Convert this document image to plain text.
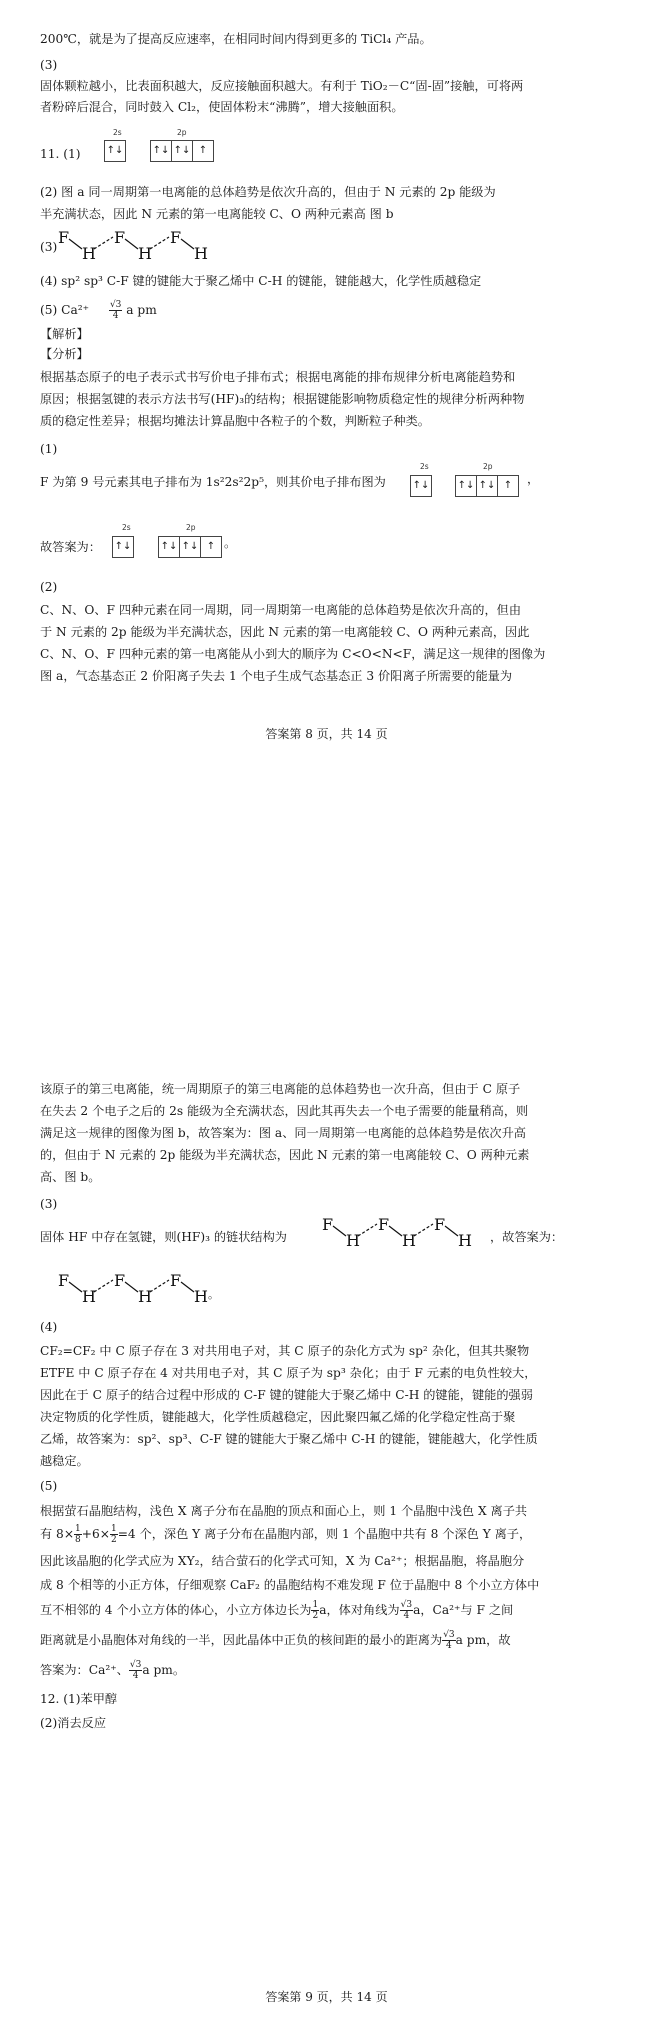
200℃，就是为了提高反应速率，在相同时间内得到更多的 TiCl₄ 产品。
(3)
固体颗粒越小，比表面积越大，反应接触面积越大。有利于 TiO₂－C“固-固”接触，可将两
者粉碎后混合，同时鼓入 Cl₂，使固体粉末“沸腾”，增大接触面积。
11. (1)
2s
↑↓
2p
↑↓ ↑↓ ↑
(2) 图 a 同一周期第一电离能的总体趋势是依次升高的，但由于 N 元素的 2p 能级为
半充满状态，因此 N 元素的第一电离能较 C、O 两种元素高 图 b
(3) F
H
F
H
F
H
(4) sp² sp³ C-F 键的键能大于聚乙烯中 C-H 的键能，键能越大，化学性质越稳定
(5) $Ca^{2+} \frac{√3}{4}$ a pm
【解析】
【分析】
根据基态原子的电子表示式书写价电子排布式；根据电离能的排布规律分析电离能趋势和
原因；根据氢键的表示方法书写(HF)₃的结构；根据键能影响物质稳定性的规律分析两种物
质的稳定性差异；根据均摊法计算晶胞中各粒子的个数，判断粒子种类。
(1)
F 为第 9 号元素其电子排布为 1s²2s²2p⁵，则其价电子排布图为
2s
↑↓
2p
↑↓ ↑↓ ↑	，
故答案为：
2s
↑↓
2p
↑↓ ↑↓ ↑ 。
(2)
C、N、O、F 四种元素在同一周期，同一周期第一电离能的总体趋势是依次升高的，但由
于 N 元素的 2p 能级为半充满状态，因此 N 元素的第一电离能较 C、O 两种元素高，因此
C、N、O、F 四种元素的第一电离能从小到大的顺序为 C<O<N<F，满足这一规律的图像为
图 a，气态基态正 2 价阳离子失去 1 个电子生成气态基态正 3 价阳离子所需要的能量为
答案第 8 页，共 14 页
该原子的第三电离能，统一周期原子的第三电离能的总体趋势也一次升高，但由于 C 原子
在失去 2 个电子之后的 2s 能级为全充满状态，因此其再失去一个电子需要的能量稍高，则
满足这一规律的图像为图 b，故答案为：图 a、同一周期第一电离能的总体趋势是依次升高
的，但由于 N 元素的 2p 能级为半充满状态，因此 N 元素的第一电离能较 C、O 两种元素
高、图 b。
(3)
固体 HF 中存在氢键，则(HF)₃ 的链状结构为
F
H
F
H
F
H ，故答案为：
F
H
F
H
F
H 。
(4)
CF₂=CF₂ 中 C 原子存在 3 对共用电子对，其 C 原子的杂化方式为 sp² 杂化，但其共聚物
ETFE 中 C 原子存在 4 对共用电子对，其 C 原子为 sp³ 杂化；由于 F 元素的电负性较大，
因此在于 C 原子的结合过程中形成的 C-F 键的键能大于聚乙烯中 C-H 的键能，键能的强弱
决定物质的化学性质，键能越大，化学性质越稳定，因此聚四氟乙烯的化学稳定性高于聚
乙烯，故答案为：sp²、sp³、C-F 键的键能大于聚乙烯中 C-H 的键能，键能越大，化学性质
越稳定。
(5)
根据萤石晶胞结构，浅色 X 离子分布在晶胞的顶点和面心上，则 1 个晶胞中浅色 X 离子共
有 $8\times \frac{1}{8} +6\times \frac{1}{2} =4$ 个，深色 Y 离子分布在晶胞内部，则 1 个晶胞中共有 8 个深色 Y 离子，
因此该晶胞的化学式应为 XY₂，结合萤石的化学式可知，X 为 Ca²⁺；根据晶胞，将晶胞分
成 8 个相等的小正方体，仔细观察 CaF₂ 的晶胞结构不难发现 F 位于晶胞中 8 个小立方体中
互不相邻的 4 个小立方体的体心，小立方体边长为 $\frac{1}{2}$ a，体对角线为 $\frac{√3}{4}$ a，Ca²⁺与 F 之间
距离就是小晶胞体对角线的一半，因此晶体中正负的核间距的最小的距离为 $\frac{√3}{4}$ a pm，故
答案为：Ca²⁺、 $\frac{√3}{4}$ a pm。
12. (1)苯甲醇
(2)消去反应
答案第 9 页，共 14 页
